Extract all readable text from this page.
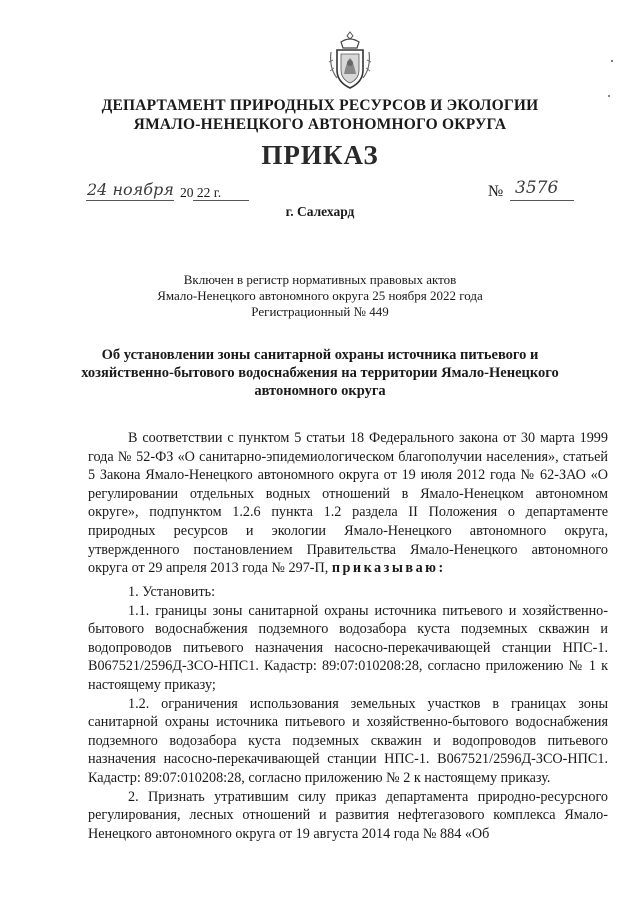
ДЕПАРТАМЕНТ ПРИРОДНЫХ РЕСУРСОВ И ЭКОЛОГИИ
ЯМАЛО-НЕНЕЦКОГО АВТОНОМНОГО ОКРУГА
ПРИКАЗ
24 ноября 20 22 г.	№ 3576
г. Салехард
Включен в регистр нормативных правовых актов
Ямало-Ненецкого автономного округа 25 ноября 2022 года
Регистрационный № 449
Об установлении зоны санитарной охраны источника питьевого и
хозяйственно-бытового водоснабжения на территории Ямало-Ненецкого
автономного округа

В соответствии с пунктом 5 статьи 18 Федерального закона от 30 марта 1999 года № 52-ФЗ «О санитарно-эпидемиологическом благополучии населения», статьей 5 Закона Ямало-Ненецкого автономного округа от 19 июля 2012 года № 62-ЗАО «О регулировании отдельных водных отношений в Ямало-Ненецком автономном округе», подпунктом 1.2.6 пункта 1.2 раздела II Положения о департаменте природных ресурсов и экологии Ямало-Ненецкого автономного округа, утвержденного постановлением Правительства Ямало-Ненецкого автономного округа от 29 апреля 2013 года № 297-П, приказываю:

1. Установить:

1.1. границы зоны санитарной охраны источника питьевого и хозяйственно-бытового водоснабжения подземного водозабора куста подземных скважин и водопроводов питьевого назначения насосно-перекачивающей станции НПС-1. В067521/2596Д-ЗСО-НПС1. Кадастр: 89:07:010208:28, согласно приложению № 1 к настоящему приказу;

1.2. ограничения использования земельных участков в границах зоны санитарной охраны источника питьевого и хозяйственно-бытового водоснабжения подземного водозабора куста подземных скважин и водопроводов питьевого назначения насосно-перекачивающей станции НПС-1. В067521/2596Д-ЗСО-НПС1. Кадастр: 89:07:010208:28, согласно приложению № 2 к настоящему приказу.

2. Признать утратившим силу приказ департамента природно-ресурсного регулирования, лесных отношений и развития нефтегазового комплекса Ямало-Ненецкого автономного округа от 19 августа 2014 года № 884 «Об
